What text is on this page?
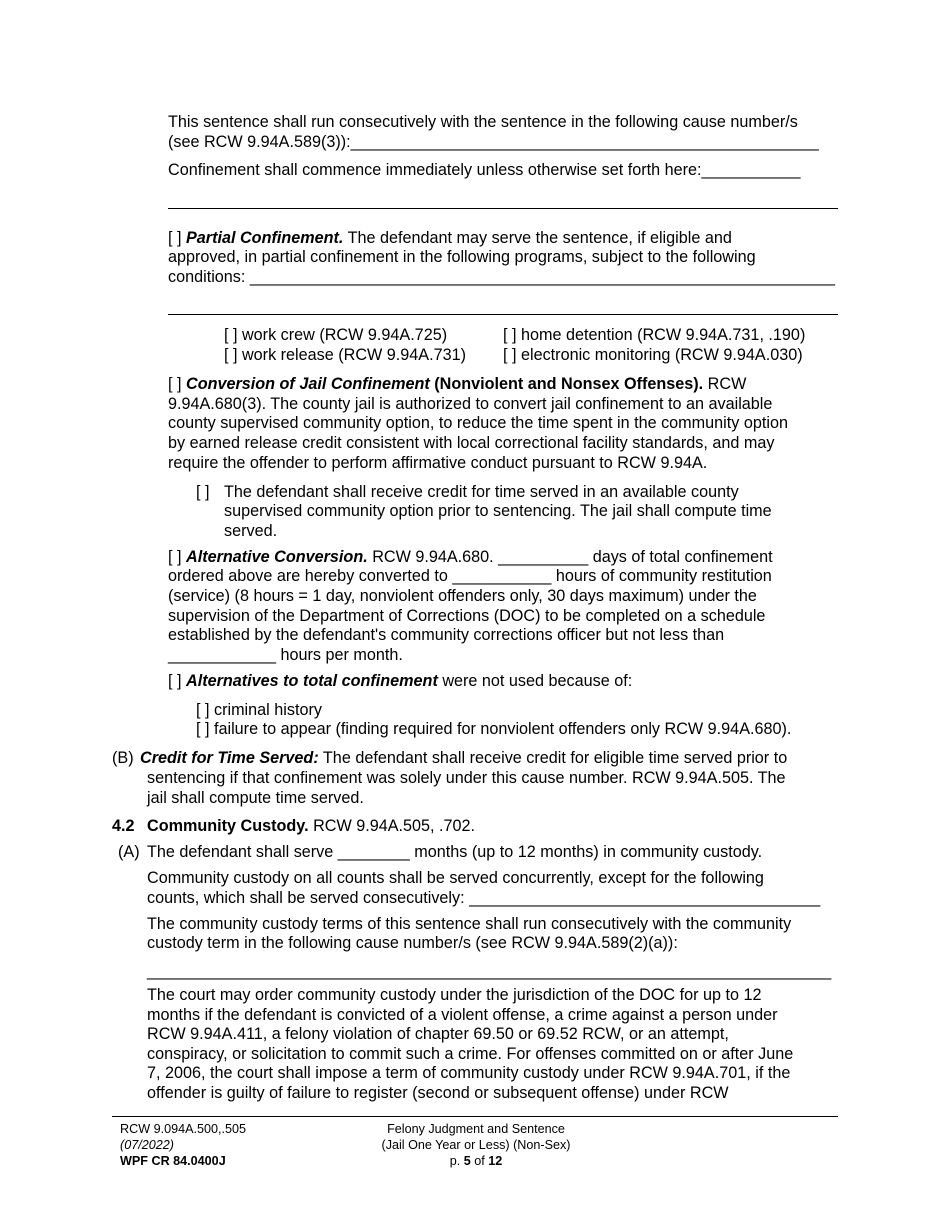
This sentence shall run consecutively with the sentence in the following cause number/s
(see RCW 9.94A.589(3)):____________________________________________________
Confinement shall commence immediately unless otherwise set forth here:___________
[ ] Partial Confinement. The defendant may serve the sentence, if eligible and
approved, in partial confinement in the following programs, subject to the following
conditions: _________________________________________________________________
[ ] work crew (RCW 9.94A.725)	[ ] home detention (RCW 9.94A.731, .190)
[ ] work release (RCW 9.94A.731) [ ] electronic monitoring (RCW 9.94A.030)
[ ] Conversion of Jail Confinement (Nonviolent and Nonsex Offenses). RCW
9.94A.680(3). The county jail is authorized to convert jail confinement to an available
county supervised community option, to reduce the time spent in the community option
by earned release credit consistent with local correctional facility standards, and may
require the offender to perform affirmative conduct pursuant to RCW 9.94A.
[ ] The defendant shall receive credit for time served in an available county
supervised community option prior to sentencing. The jail shall compute time
served.
[ ] Alternative Conversion. RCW 9.94A.680. __________ days of total confinement
ordered above are hereby converted to ___________ hours of community restitution
(service) (8 hours = 1 day, nonviolent offenders only, 30 days maximum) under the
supervision of the Department of Corrections (DOC) to be completed on a schedule
established by the defendant's community corrections officer but not less than
____________ hours per month.
[ ] Alternatives to total confinement were not used because of:
[ ] criminal history
[ ] failure to appear (finding required for nonviolent offenders only RCW 9.94A.680).
(B) Credit for Time Served: The defendant shall receive credit for eligible time served prior to
sentencing if that confinement was solely under this cause number. RCW 9.94A.505. The
jail shall compute time served.
4.2 Community Custody. RCW 9.94A.505, .702.
(A) The defendant shall serve ________ months (up to 12 months) in community custody.
Community custody on all counts shall be served concurrently, except for the following
counts, which shall be served consecutively: _______________________________________
The community custody terms of this sentence shall run consecutively with the community
custody term in the following cause number/s (see RCW 9.94A.589(2)(a)):
____________________________________________________________________________
The court may order community custody under the jurisdiction of the DOC for up to 12
months if the defendant is convicted of a violent offense, a crime against a person under
RCW 9.94A.411, a felony violation of chapter 69.50 or 69.52 RCW, or an attempt,
conspiracy, or solicitation to commit such a crime. For offenses committed on or after June
7, 2006, the court shall impose a term of community custody under RCW 9.94A.701, if the
offender is guilty of failure to register (second or subsequent offense) under RCW
RCW 9.094A.500,.505
(07/2022)
WPF CR 84.0400J
Felony Judgment and Sentence
(Jail One Year or Less) (Non-Sex)
p. 5 of 12
